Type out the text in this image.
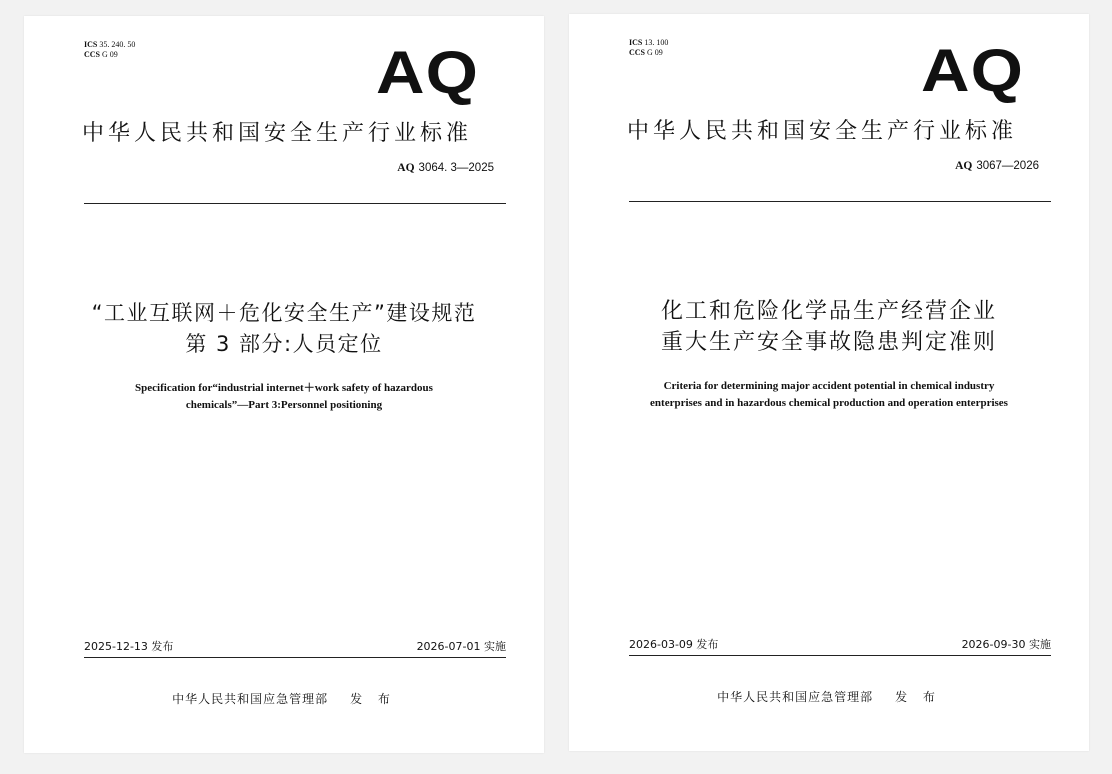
ICS 35. 240. 50
CCS G 09	AQ
中华人民共和国安全生产行业标准
AQ 3064. 3—2025
“工业互联网＋危化安全生产”建设规范
第 3 部分:人员定位
Specification for“industrial internet＋work safety of hazardous
chemicals”—Part 3:Personnel positioning
2025-12-13 发布	2026-07-01 实施
中华人民共和国应急管理部 发 布
ICS 13. 100
CCS G 09	AQ
中华人民共和国安全生产行业标准
AQ 3067—2026
化工和危险化学品生产经营企业
重大生产安全事故隐患判定准则
Criteria for determining major accident potential in chemical industry
enterprises and in hazardous chemical production and operation enterprises
2026-03-09 发布	2026-09-30 实施
中华人民共和国应急管理部 发 布
